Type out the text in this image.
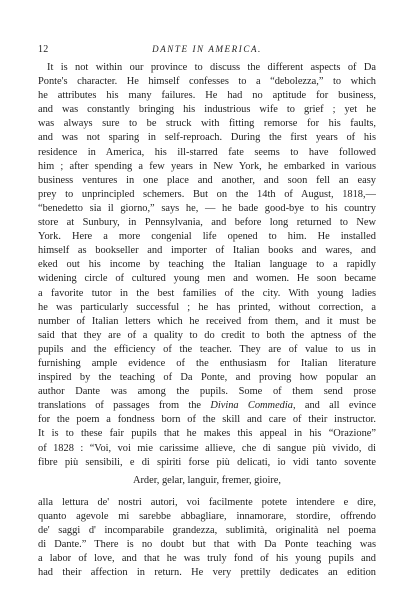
12	DANTE IN AMERICA.
It is not within our province to discuss the different aspects of Da
Ponte's character. He himself confesses to a “debolezza,” to which
he attributes his many failures. He had no aptitude for business,
and was constantly bringing his industrious wife to grief ; yet he
was always sure to be struck with fitting remorse for his faults,
and was not sparing in self-reproach. During the first years of his
residence in America, his ill-starred fate seems to have followed
him ; after spending a few years in New York, he embarked in various
business ventures in one place and another, and soon fell an easy
prey to unprincipled schemers. But on the 14th of August, 1818,—
“benedetto sia il giorno,” says he, — he bade good-bye to his country
store at Sunbury, in Pennsylvania, and before long returned to New
York. Here a more congenial life opened to him. He installed
himself as bookseller and importer of Italian books and wares, and
eked out his income by teaching the Italian language to a rapidly
widening circle of cultured young men and women. He soon became
a favorite tutor in the best families of the city. With young ladies
he was particularly successful ; he has printed, without correction, a
number of Italian letters which he received from them, and it must be
said that they are of a quality to do credit to both the aptness of the
pupils and the efficiency of the teacher. They are of value to us in
furnishing ample evidence of the enthusiasm for Italian literature
inspired by the teaching of Da Ponte, and proving how popular an
author Dante was among the pupils. Some of them send prose
translations of passages from the Divina Commedia, and all evince
for the poem a fondness born of the skill and care of their instructor.
It is to these fair pupils that he makes this appeal in his “Orazione”
of 1828 : “Voi, voi mie carissime allieve, che di sangue più vivido, di
fibre più sensibili, e di spiriti forse più delicati, io vidi tanto sovente
Arder, gelar, languir, fremer, gioire,
alla lettura de' nostri autori, voi facilmente potete intendere e dire,
quanto agevole mi sarebbe abbagliare, innamorare, stordire, offrendo
de' saggi d' incomparabile grandezza, sublimità, originalità nel poema
di Dante.” There is no doubt but that with Da Ponte teaching was
a labor of love, and that he was truly fond of his young pupils and
had their affection in return. He very prettily dedicates an edition
